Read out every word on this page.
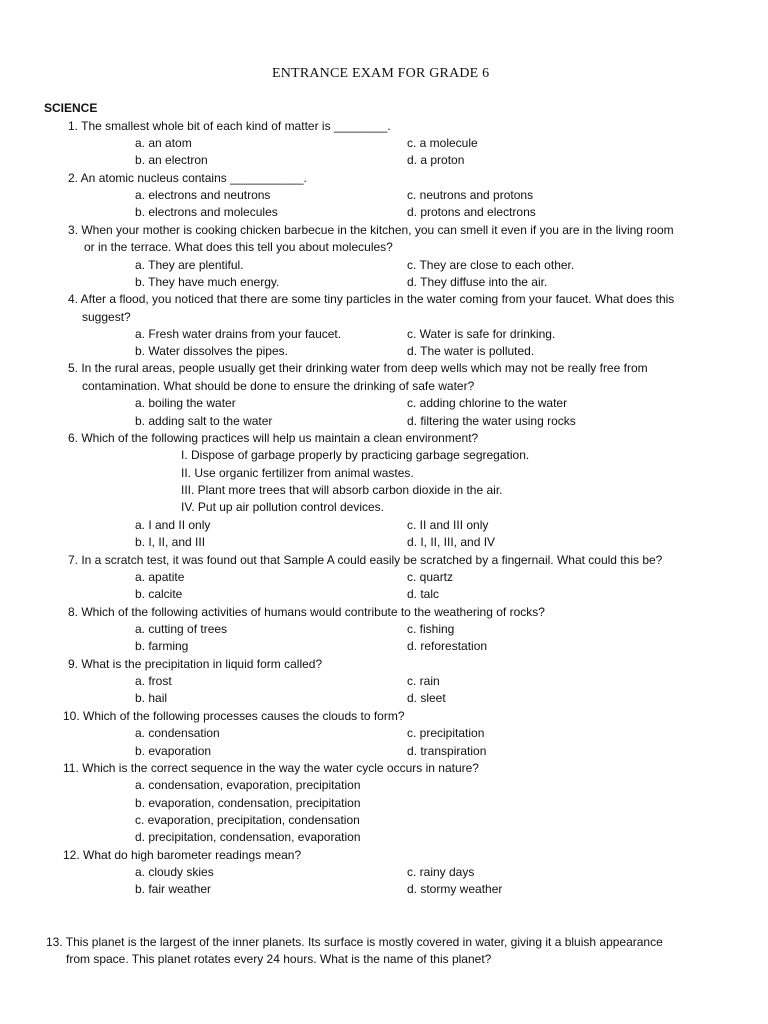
ENTRANCE EXAM FOR GRADE 6
SCIENCE
1. The smallest whole bit of each kind of matter is ________.
a. an atom	c. a molecule
b. an electron	d. a proton
2. An atomic nucleus contains ___________.
a. electrons and neutrons	c. neutrons and protons
b. electrons and molecules	d. protons and electrons
3. When your mother is cooking chicken barbecue in the kitchen, you can smell it even if you are in the living room
or in the terrace. What does this tell you about molecules?
a. They are plentiful.	c. They are close to each other.
b. They have much energy.	d. They diffuse into the air.
4. After a flood, you noticed that there are some tiny particles in the water coming from your faucet. What does this
suggest?
a. Fresh water drains from your faucet.	c. Water is safe for drinking.
b. Water dissolves the pipes.	d. The water is polluted.
5. In the rural areas, people usually get their drinking water from deep wells which may not be really free from
contamination. What should be done to ensure the drinking of safe water?
a. boiling the water	c. adding chlorine to the water
b. adding salt to the water	d. filtering the water using rocks
6. Which of the following practices will help us maintain a clean environment?
I. Dispose of garbage properly by practicing garbage segregation.
II. Use organic fertilizer from animal wastes.
III. Plant more trees that will absorb carbon dioxide in the air.
IV. Put up air pollution control devices.
a. I and II only	c. II and III only
b. I, II, and III	d. I, II, III, and IV
7. In a scratch test, it was found out that Sample A could easily be scratched by a fingernail. What could this be?
a. apatite	c. quartz
b. calcite	d. talc
8. Which of the following activities of humans would contribute to the weathering of rocks?
a. cutting of trees	c. fishing
b. farming	d. reforestation
9. What is the precipitation in liquid form called?
a. frost	c. rain
b. hail	d. sleet
10. Which of the following processes causes the clouds to form?
a. condensation	c. precipitation
b. evaporation	d. transpiration
11. Which is the correct sequence in the way the water cycle occurs in nature?
a. condensation, evaporation, precipitation
b. evaporation, condensation, precipitation
c. evaporation, precipitation, condensation
d. precipitation, condensation, evaporation
12. What do high barometer readings mean?
a. cloudy skies	c. rainy days
b. fair weather	d. stormy weather
13. This planet is the largest of the inner planets. Its surface is mostly covered in water, giving it a bluish appearance
from space. This planet rotates every 24 hours. What is the name of this planet?
